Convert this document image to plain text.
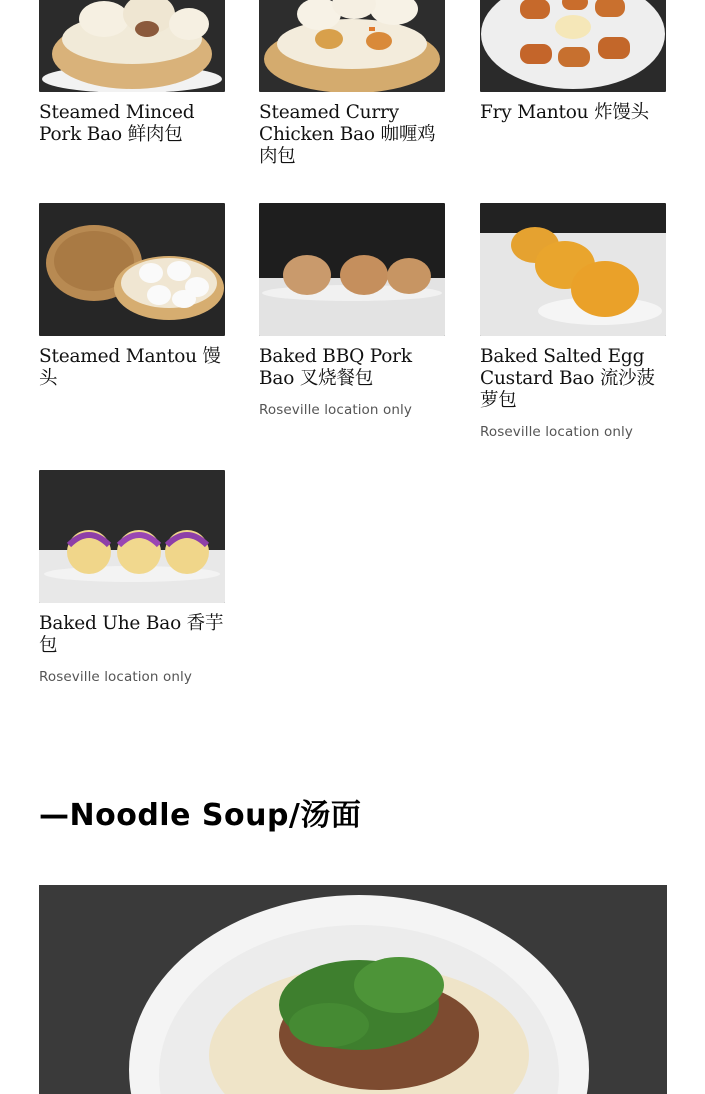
Steamed Minced Pork Bao 鲜肉包
Steamed Curry Chicken Bao 咖喱鸡肉包
Fry Mantou 炸馒头
Steamed Mantou 馒头
Baked BBQ Pork Bao 叉烧餐包
Roseville location only
Baked Salted Egg Custard Bao 流沙菠萝包
Roseville location only
Baked Uhe Bao 香芋包
Roseville location only
—Noodle Soup/汤面
